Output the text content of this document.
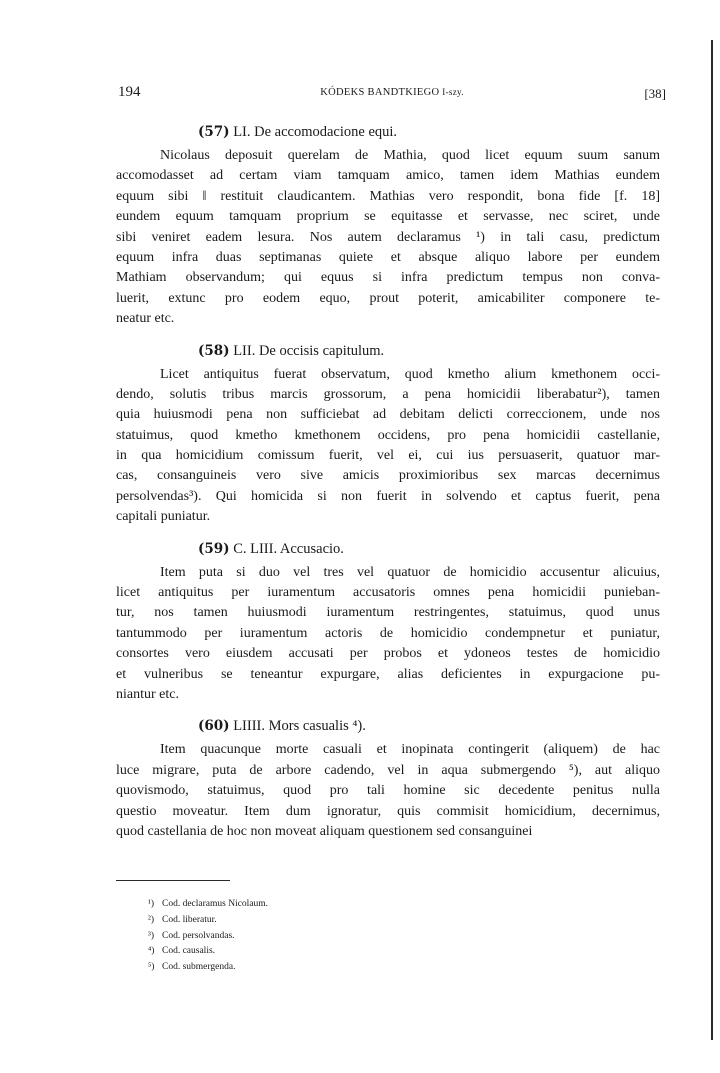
194	KÓDEKS BANDTKIEGO I-szy.	[38]
(57) LI. De accomodacione equi.
Nicolaus deposuit querelam de Mathia, quod licet equum suum sanum
accomodasset ad certam viam tamquam amico, tamen idem Mathias eundem
equum sibi ‖ restituit claudicantem. Mathias vero respondit, bona fide [f. 18]
eundem equum tamquam proprium se equitasse et servasse, nec sciret, unde
sibi veniret eadem lesura. Nos autem declaramus ¹) in tali casu, predictum
equum infra duas septimanas quiete et absque aliquo labore per eundem
Mathiam observandum; qui equus si infra predictum tempus non conva-
luerit, extunc pro eodem equo, prout poterit, amicabiliter componere te-
neatur etc.
(58) LII. De occisis capitulum.
Licet antiquitus fuerat observatum, quod kmetho alium kmethonem occi-
dendo, solutis tribus marcis grossorum, a pena homicidii liberabatur²), tamen
quia huiusmodi pena non sufficiebat ad debitam delicti correccionem, unde nos
statuimus, quod kmetho kmethonem occidens, pro pena homicidii castellanie,
in qua homicidium comissum fuerit, vel ei, cui ius persuaserit, quatuor mar-
cas, consanguineis vero sive amicis proximioribus sex marcas decernimus
persolvendas³). Qui homicida si non fuerit in solvendo et captus fuerit, pena
capitali puniatur.
(59) C. LIII. Accusacio.
Item puta si duo vel tres vel quatuor de homicidio accusentur alicuius,
licet antiquitus per iuramentum accusatoris omnes pena homicidii punieban-
tur, nos tamen huiusmodi iuramentum restringentes, statuimus, quod unus
tantummodo per iuramentum actoris de homicidio condempnetur et puniatur,
consortes vero eiusdem accusati per probos et ydoneos testes de homicidio
et vulneribus se teneantur expurgare, alias deficientes in expurgacione pu-
niantur etc.
(60) LIIII. Mors casualis ⁴).
Item quacunque morte casuali et inopinata contingerit (aliquem) de hac
luce migrare, puta de arbore cadendo, vel in aqua submergendo ⁵), aut aliquo
quovismodo, statuimus, quod pro tali homine sic decedente penitus nulla
questio moveatur. Item dum ignoratur, quis commisit homicidium, decernimus,
quod castellania de hoc non moveat aliquam questionem sed consanguinei
¹) Cod. declaramus Nicolaum.
²) Cod. liberatur.
³) Cod. persolvandas.
⁴) Cod. causalis.
⁵) Cod. submergenda.
